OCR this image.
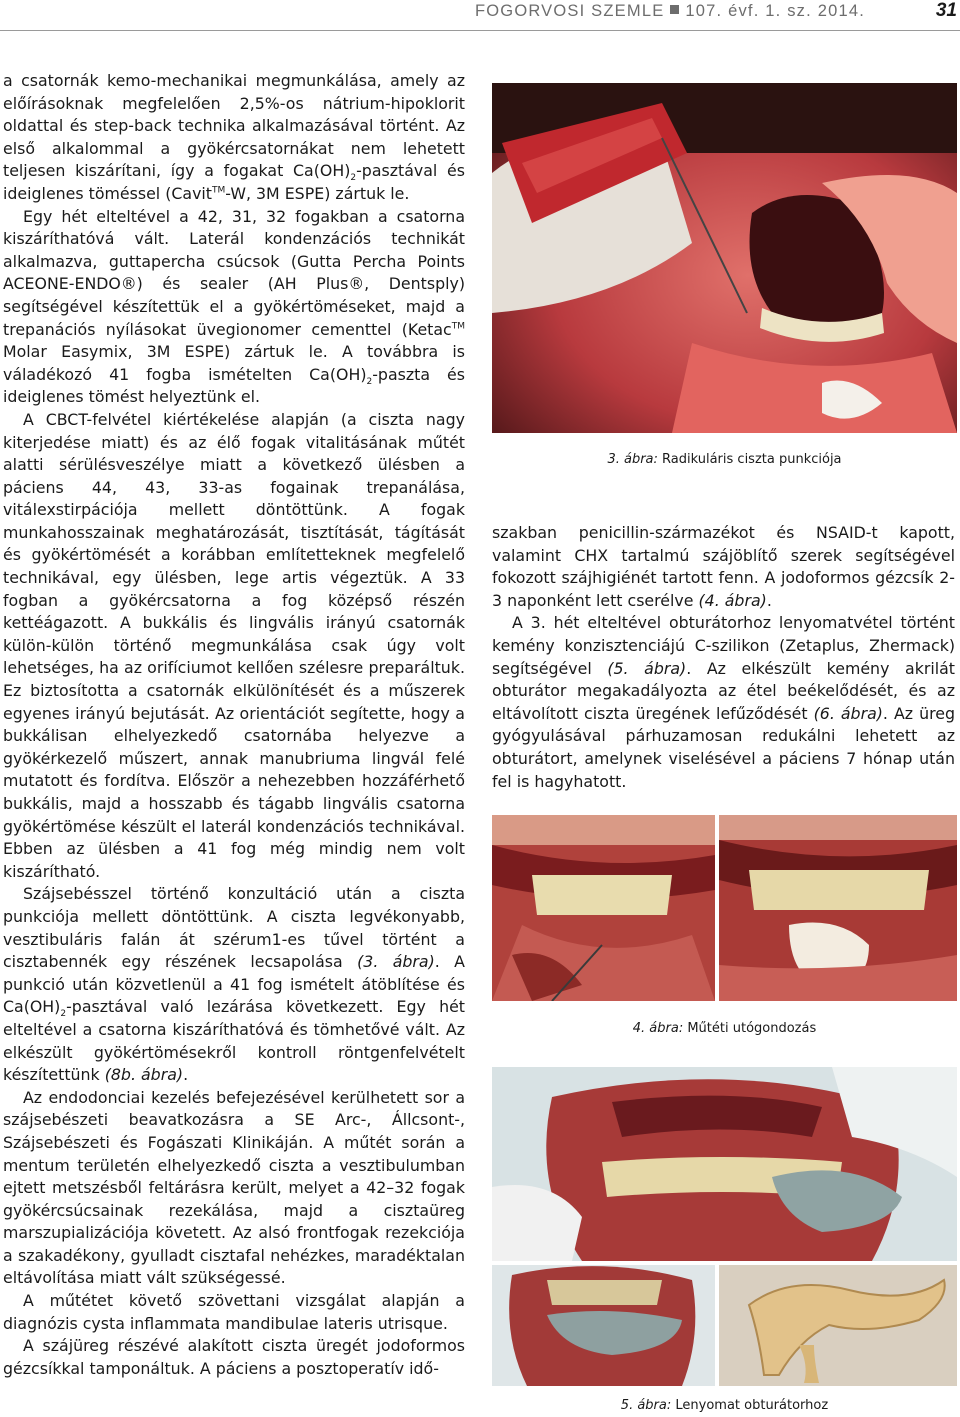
FOGORVOSI SZEMLE 107. évf. 1. sz. 2014.	31

a csatornák kemo-mechanikai megmunkálása, amely az előírásoknak megfelelően 2,5%-os nátrium-hipoklorit oldattal és step-back technika alkalmazásával történt. Az első alkalommal a gyökércsatornákat nem lehetett teljesen kiszárítani, így a fogakat $Ca(OH)_2$-pasztával és ideiglenes töméssel (Cavit™-W, 3M ESPE) zártuk le.

Egy hét elteltével a 42, 31, 32 fogakban a csatorna kiszáríthatóvá vált. Laterál kondenzációs technikát alkalmazva, guttapercha csúcsok (Gutta Percha Points ACEONE-ENDO®) és sealer (AH Plus®, Dentsply) segítségével készítettük el a gyökértöméseket, majd a trepanációs nyílásokat üvegionomer cementtel (Ketac™ Molar Easymix, 3M ESPE) zártuk le. A továbbra is váladékozó 41 fogba ismételten $Ca(OH)_2$-paszta és ideiglenes tömést helyeztünk el.

A CBCT-felvétel kiértékelése alapján (a ciszta nagy kiterjedése miatt) és az élő fogak vitalitásának műtét alatti sérülésveszélye miatt a következő ülésben a páciens 44, 43, 33-as fogainak trepanálása, vitálexstirpációja mellett döntöttünk. A fogak munkahosszainak meghatározását, tisztítását, tágítását és gyökértömését a korábban említetteknek megfelelő technikával, egy ülésben, lege artis végeztük. A 33 fogban a gyökércsatorna a fog középső részén kettéágazott. A bukkális és lingvális irányú csatornák külön-külön történő megmunkálása csak úgy volt lehetséges, ha az orifíciumot kellően szélesre preparáltuk. Ez biztosította a csatornák elkülönítését és a műszerek egyenes irányú bejutását. Az orientációt segítette, hogy a bukkálisan elhelyezkedő csatornába helyezve a gyökérkezelő műszert, annak manubriuma lingvál felé mutatott és fordítva. Először a nehezebben hozzáférhető bukkális, majd a hosszabb és tágabb lingvális csatorna gyökértömése készült el laterál kondenzációs technikával. Ebben az ülésben a 41 fog még mindig nem volt kiszárítható.

Szájsebésszel történő konzultáció után a ciszta punkciója mellett döntöttünk. A ciszta legvékonyabb, vesztibuláris falán át szérum1-es tűvel történt a cisztabennék egy részének lecsapolása (3. ábra). A punkció után közvetlenül a 41 fog ismételt átöblítése és $Ca(OH)_2$-pasztával való lezárása következett. Egy hét elteltével a csatorna kiszáríthatóvá és tömhetővé vált. Az elkészült gyökértömésekről kontroll röntgenfelvételt készítettünk (8b. ábra).

Az endodonciai kezelés befejezésével kerülhetett sor a szájsebészeti beavatkozásra a SE Arc-, Állcsont-, Szájsebészeti és Fogászati Klinikáján. A műtét során a mentum területén elhelyezkedő ciszta a vesztibulumban ejtett metszésből feltárásra került, melyet a 42–32 fogak gyökércsúcsainak rezekálása, majd a cisztaüreg marszupializációja követett. Az alsó frontfogak rezekciója a szakadékony, gyulladt cisztafal nehézkes, maradéktalan eltávolítása miatt vált szükségessé.

A műtétet követő szövettani vizsgálat alapján a diagnózis cysta inflammata mandibulae lateris utrisque.

A szájüreg részévé alakított ciszta üregét jodoformos gézcsíkkal tamponáltuk. A páciens a posztoperatív idő-

3. ábra: Radikuláris ciszta punkciója

szakban penicillin-származékot és NSAID-t kapott, valamint CHX tartalmú szájöblítő szerek segítségével fokozott szájhigiénét tartott fenn. A jodoformos gézcsík 2-3 naponként lett cserélve (4. ábra).

A 3. hét elteltével obturátorhoz lenyomatvétel történt kemény konzisztenciájú C-szilikon (Zetaplus, Zhermack) segítségével (5. ábra). Az elkészült kemény akrilát obturátor megakadályozta az étel beékelődését, és az eltávolított ciszta üregének lefűződését (6. ábra). Az üreg gyógyulásával párhuzamosan redukálni lehetett az obturátort, amelynek viselésével a páciens 7 hónap után fel is hagyhatott.

4. ábra: Műtéti utógondozás
5. ábra: Lenyomat obturátorhoz
